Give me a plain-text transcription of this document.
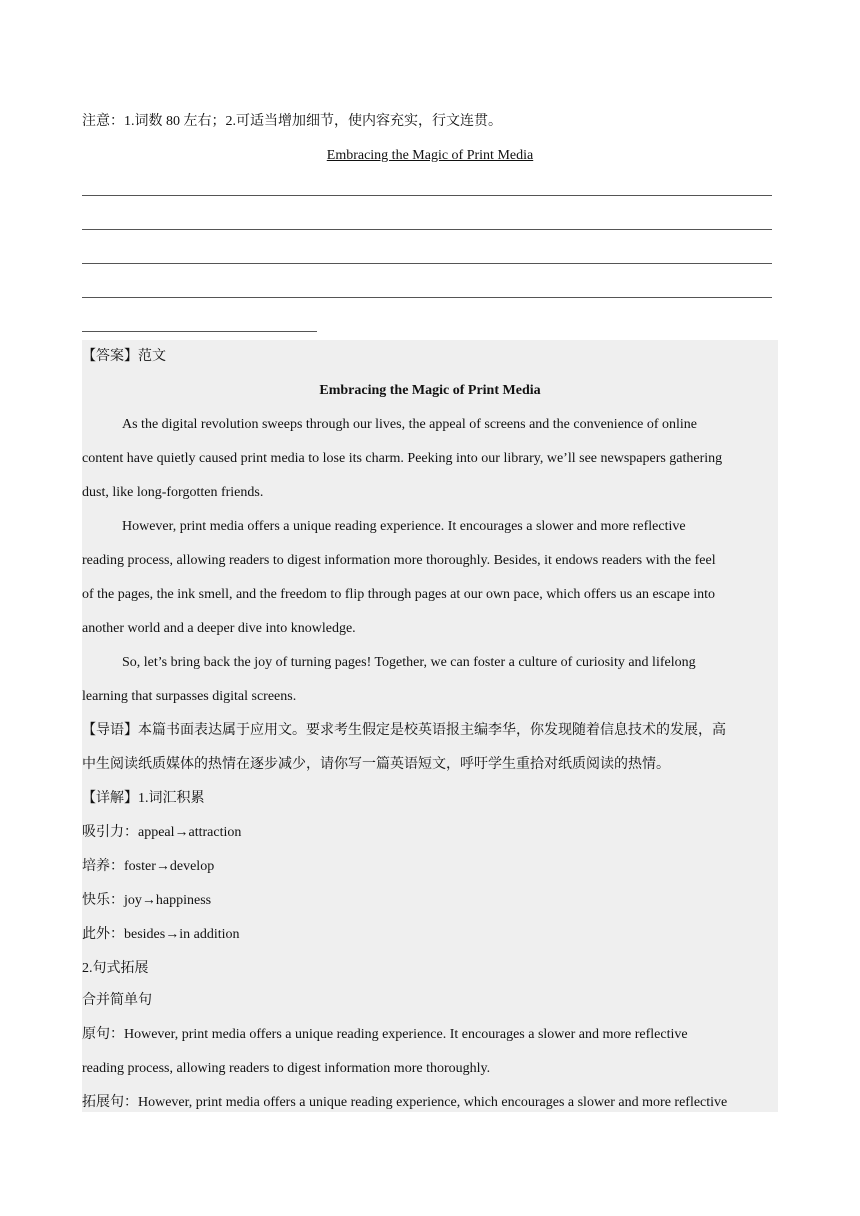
注意：1.词数 80 左右；2.可适当增加细节，使内容充实，行文连贯。
Embracing the Magic of Print Media
【答案】范文
Embracing the Magic of Print Media
As the digital revolution sweeps through our lives, the appeal of screens and the convenience of online
content have quietly caused print media to lose its charm. Peeking into our library, we’ll see newspapers gathering
dust, like long-forgotten friends.
However, print media offers a unique reading experience. It encourages a slower and more reflective
reading process, allowing readers to digest information more thoroughly. Besides, it endows readers with the feel
of the pages, the ink smell, and the freedom to flip through pages at our own pace, which offers us an escape into
another world and a deeper dive into knowledge.
So, let’s bring back the joy of turning pages! Together, we can foster a culture of curiosity and lifelong
learning that surpasses digital screens.
【导语】本篇书面表达属于应用文。要求考生假定是校英语报主编李华，你发现随着信息技术的发展，高
中生阅读纸质媒体的热情在逐步减少，请你写一篇英语短文，呼吁学生重拾对纸质阅读的热情。
【详解】1.词汇积累
吸引力：appeal→attraction
培养：foster→develop
快乐：joy→happiness
此外：besides→in addition
2.句式拓展
合并简单句
原句：However, print media offers a unique reading experience. It encourages a slower and more reflective
reading process, allowing readers to digest information more thoroughly.
拓展句：However, print media offers a unique reading experience, which encourages a slower and more reflective
